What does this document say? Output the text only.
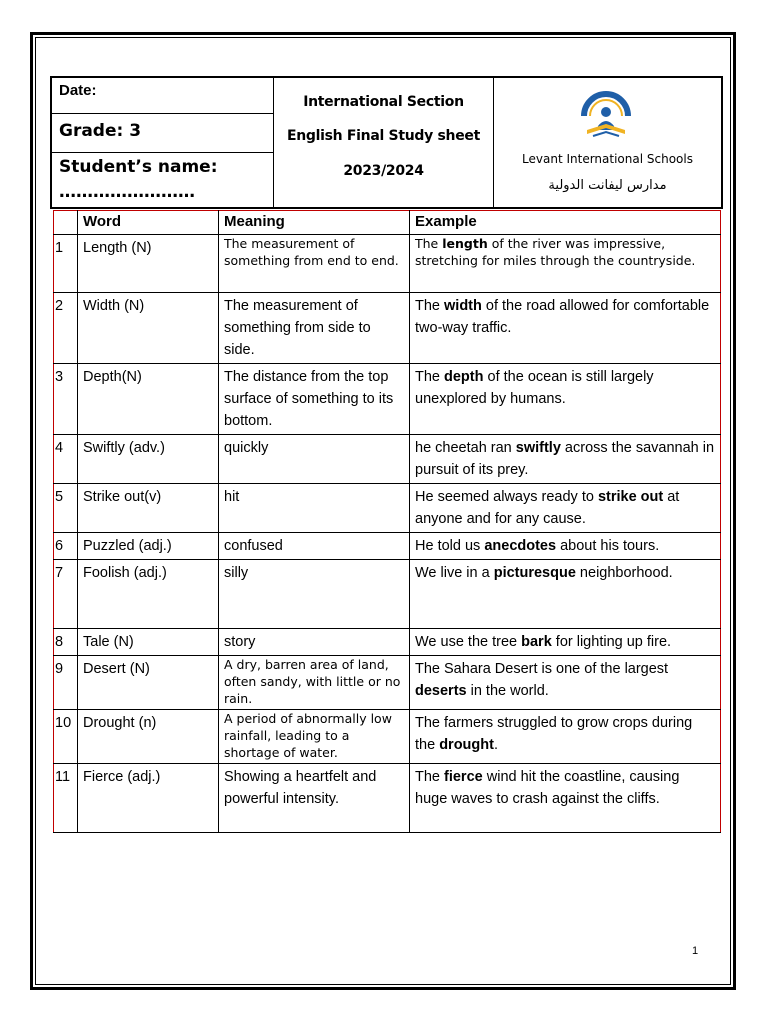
Date:
Grade: 3
Student’s name:
……………………
International Section
English Final Study sheet
2023/2024
Levant International Schools
مدارس ليفانت الدولية
	Word	Meaning	Example
1	Length (N)	The measurement of something from end to end.	The length of the river was impressive, stretching for miles through the countryside.
2	Width (N)	The measurement of something from side to side.	The width of the road allowed for comfortable two-way traffic.
3	Depth(N)	The distance from the top surface of something to its bottom.	The depth of the ocean is still largely unexplored by humans.
4	Swiftly (adv.)	quickly	he cheetah ran swiftly across the savannah in pursuit of its prey.
5	Strike out(v)	hit	He seemed always ready to strike out at anyone and for any cause.
6	Puzzled (adj.)	confused	He told us anecdotes about his tours.
7	Foolish (adj.)	silly	We live in a picturesque neighborhood.
8	Tale (N)	story	We use the tree bark for lighting up fire.
9	Desert (N)	A dry, barren area of land, often sandy, with little or no rain.	The Sahara Desert is one of the largest deserts in the world.
10	Drought (n)	A period of abnormally low rainfall, leading to a shortage of water.	The farmers struggled to grow crops during the drought.
11	Fierce (adj.)	Showing a heartfelt and powerful intensity.	The fierce wind hit the coastline, causing huge waves to crash against the cliffs.
1
